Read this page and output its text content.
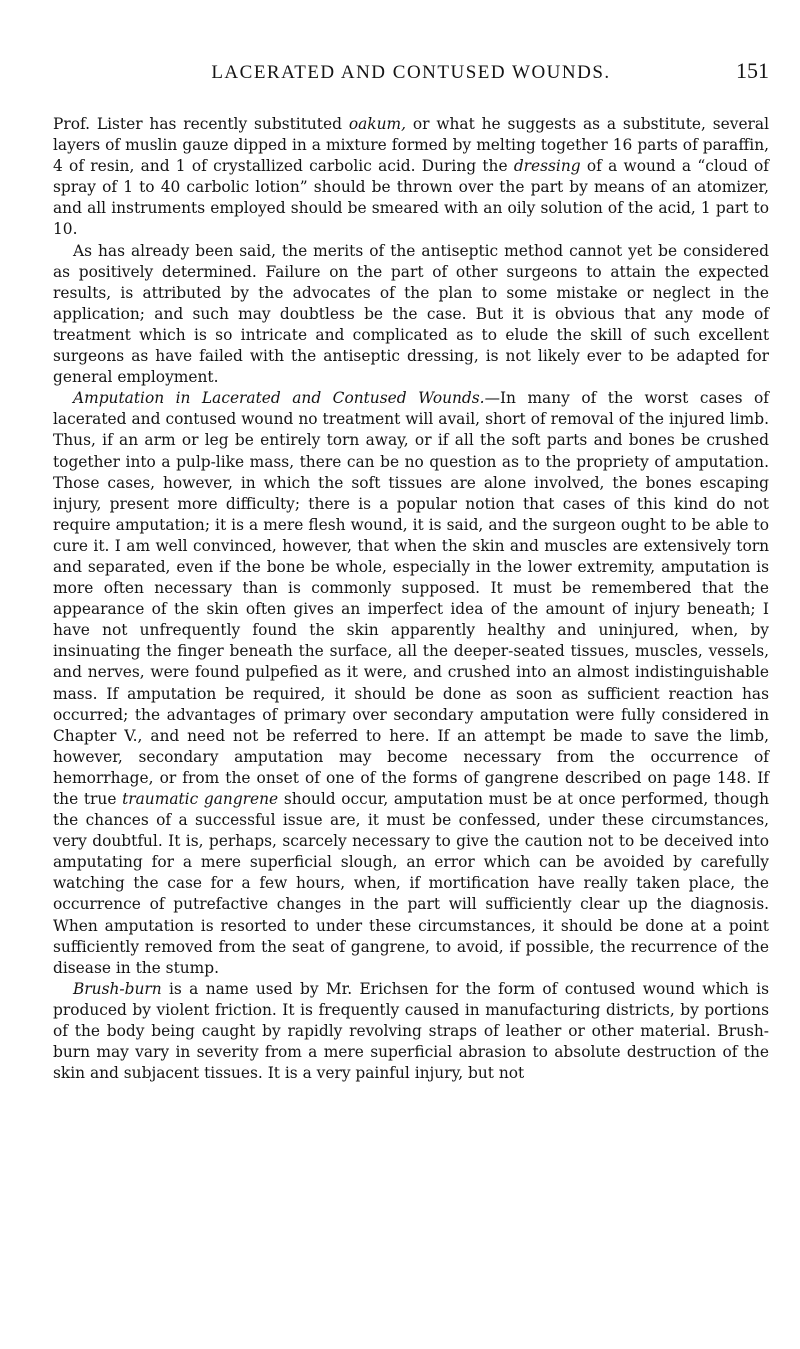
LACERATED AND CONTUSED WOUNDS.	151

Prof. Lister has recently substituted oakum, or what he suggests as a substitute, several layers of muslin gauze dipped in a mixture formed by melting together 16 parts of paraffin, 4 of resin, and 1 of crystallized carbolic acid. During the dressing of a wound a “cloud of spray of 1 to 40 carbolic lotion” should be thrown over the part by means of an atomizer, and all instruments employed should be smeared with an oily solution of the acid, 1 part to 10.

As has already been said, the merits of the antiseptic method cannot yet be considered as positively determined. Failure on the part of other surgeons to attain the expected results, is attributed by the advocates of the plan to some mistake or neglect in the application; and such may doubtless be the case. But it is obvious that any mode of treatment which is so intricate and complicated as to elude the skill of such excellent surgeons as have failed with the antiseptic dressing, is not likely ever to be adapted for general employment.

Amputation in Lacerated and Contused Wounds.—In many of the worst cases of lacerated and contused wound no treatment will avail, short of removal of the injured limb. Thus, if an arm or leg be entirely torn away, or if all the soft parts and bones be crushed together into a pulp-like mass, there can be no question as to the propriety of amputation. Those cases, however, in which the soft tissues are alone involved, the bones escaping injury, present more difficulty; there is a popular notion that cases of this kind do not require amputation; it is a mere flesh wound, it is said, and the surgeon ought to be able to cure it. I am well convinced, however, that when the skin and muscles are extensively torn and separated, even if the bone be whole, especially in the lower extremity, amputation is more often necessary than is commonly supposed. It must be remembered that the appearance of the skin often gives an imperfect idea of the amount of injury beneath; I have not unfrequently found the skin apparently healthy and uninjured, when, by insinuating the finger beneath the surface, all the deeper-seated tissues, muscles, vessels, and nerves, were found pulpefied as it were, and crushed into an almost indistinguishable mass. If amputation be required, it should be done as soon as sufficient reaction has occurred; the advantages of primary over secondary amputation were fully considered in Chapter V., and need not be referred to here. If an attempt be made to save the limb, however, secondary amputation may become necessary from the occurrence of hemorrhage, or from the onset of one of the forms of gangrene described on page 148. If the true traumatic gangrene should occur, amputation must be at once performed, though the chances of a successful issue are, it must be confessed, under these circumstances, very doubtful. It is, perhaps, scarcely necessary to give the caution not to be deceived into amputating for a mere superficial slough, an error which can be avoided by carefully watching the case for a few hours, when, if mortification have really taken place, the occurrence of putrefactive changes in the part will sufficiently clear up the diagnosis. When amputation is resorted to under these circumstances, it should be done at a point sufficiently removed from the seat of gangrene, to avoid, if possible, the recurrence of the disease in the stump.

Brush-burn is a name used by Mr. Erichsen for the form of contused wound which is produced by violent friction. It is frequently caused in manufacturing districts, by portions of the body being caught by rapidly revolving straps of leather or other material. Brush-burn may vary in severity from a mere superficial abrasion to absolute destruction of the skin and subjacent tissues. It is a very painful injury, but not
